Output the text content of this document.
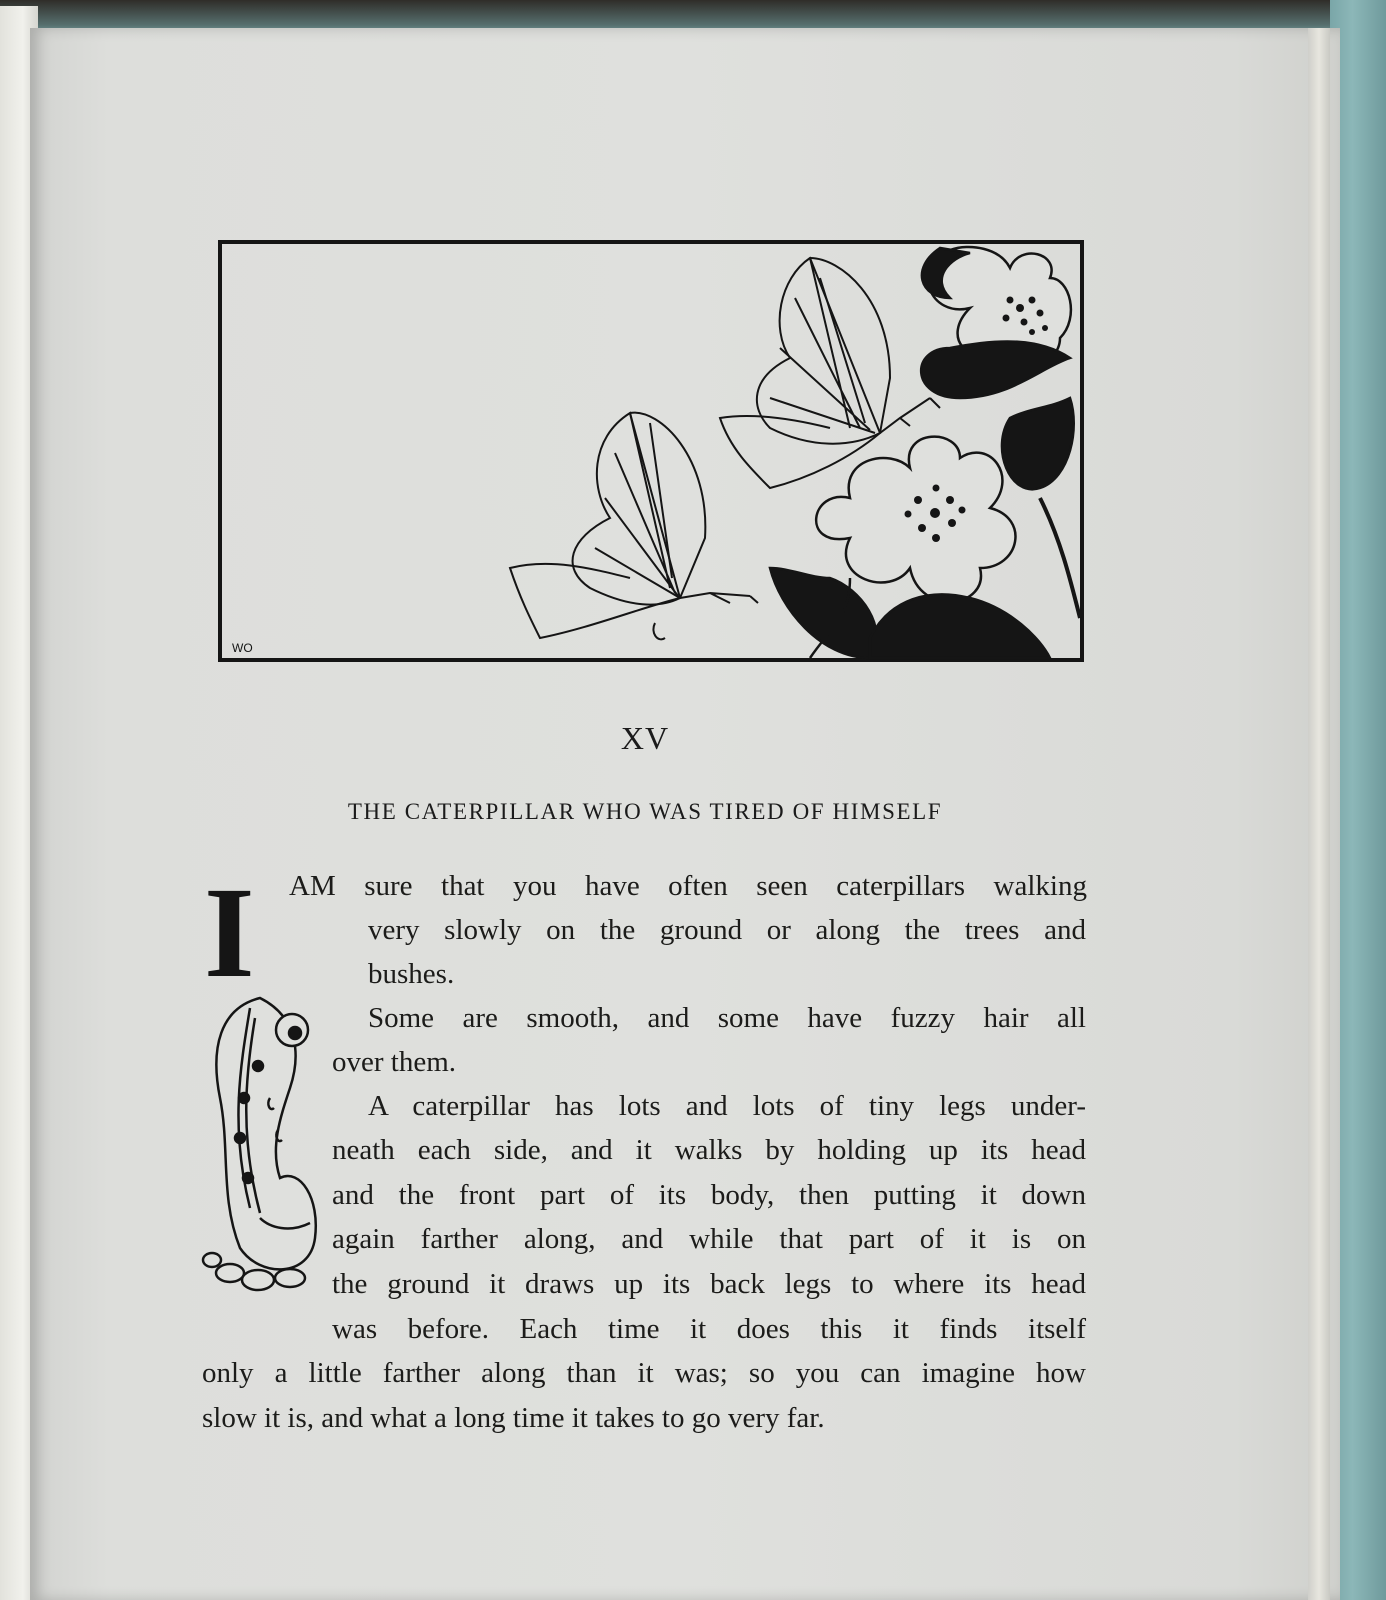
WO
XV
THE CATERPILLAR WHO WAS TIRED OF HIMSELF
I AM sure that you have often seen caterpillars walking
very slowly on the ground or along the trees and
bushes.
Some are smooth, and some have fuzzy hair all
over them.
A caterpillar has lots and lots of tiny legs under-
neath each side, and it walks by holding up its head
and the front part of its body, then putting it down
again farther along, and while that part of it is on
the ground it draws up its back legs to where its head
was before. Each time it does this it finds itself
only a little farther along than it was; so you can imagine how
slow it is, and what a long time it takes to go very far.
